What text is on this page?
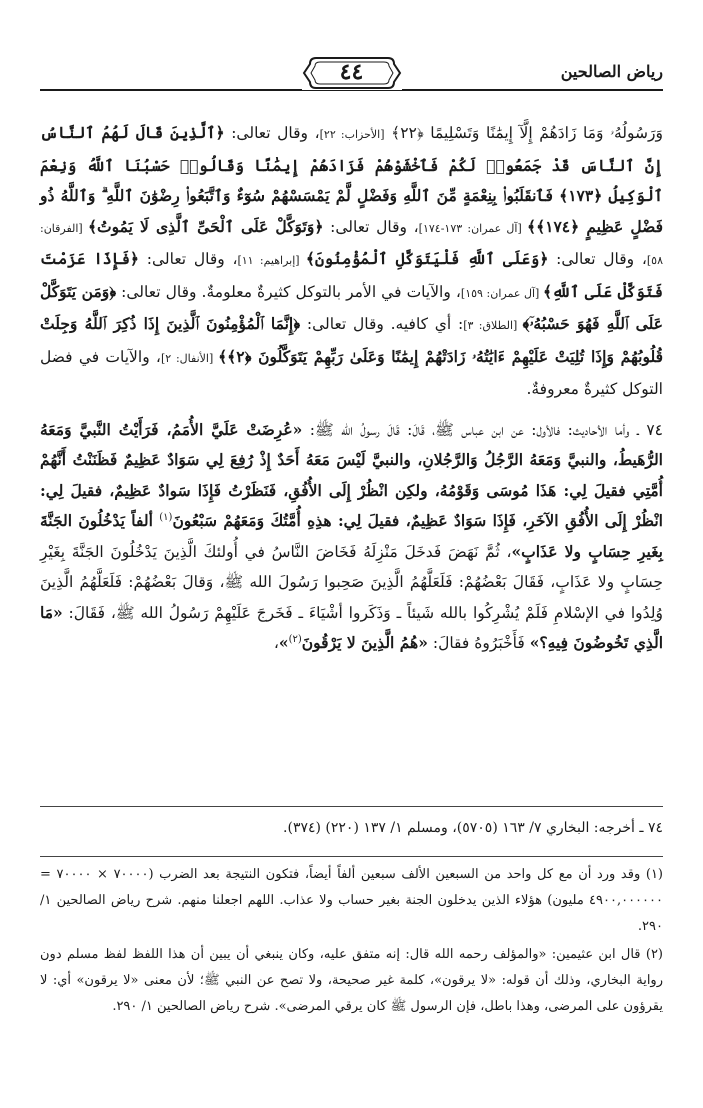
رياض الصالحين
٤٤

وَرَسُولُهُۥ وَمَا زَادَهُمْ إِلَّآ إِيمَٰنًا وَتَسْلِيمًا ﴿٢٢﴾ [الأحزاب: ٢٢]، وقال تعالى: ﴿ٱلَّذِينَ قَالَ لَهُمُ ٱلنَّاسُ إِنَّ ٱلنَّاسَ قَدْ جَمَعُوا۟ لَكُمْ فَٱخْشَوْهُمْ فَزَادَهُمْ إِيمَٰنًا وَقَالُوا۟ حَسْبُنَا ٱللَّهُ وَنِعْمَ ٱلْوَكِيلُ ﴿١٧٣﴾ فَٱنقَلَبُوا۟ بِنِعْمَةٍ مِّنَ ٱللَّهِ وَفَضْلٍ لَّمْ يَمْسَسْهُمْ سُوٓءٌ وَٱتَّبَعُوا۟ رِضْوَٰنَ ٱللَّهِ ۗ وَٱللَّهُ ذُو فَضْلٍ عَظِيمٍ ﴿١٧٤﴾﴾ [آل عمران: ١٧٣-١٧٤]، وقال تعالى: ﴿وَتَوَكَّلْ عَلَى ٱلْحَىِّ ٱلَّذِى لَا يَمُوتُ﴾ [الفرقان: ٥٨]، وقال تعالى: ﴿وَعَلَى ٱللَّهِ فَلْيَتَوَكَّلِ ٱلْمُؤْمِنُونَ﴾ [إبراهيم: ١١]، وقال تعالى: ﴿فَإِذَا عَزَمْتَ فَتَوَكَّلْ عَلَى ٱللَّهِ﴾ [آل عمران: ١٥٩]، والآيات في الأمر بالتوكل كثيرةٌ معلومةٌ. وقال تعالى: ﴿وَمَن يَتَوَكَّلْ عَلَى ٱللَّهِ فَهُوَ حَسْبُهُۥٓ﴾ [الطلاق: ٣]: أي كافيه. وقال تعالى: ﴿إِنَّمَا ٱلْمُؤْمِنُونَ ٱلَّذِينَ إِذَا ذُكِرَ ٱللَّهُ وَجِلَتْ قُلُوبُهُمْ وَإِذَا تُلِيَتْ عَلَيْهِمْ ءَايَٰتُهُۥ زَادَتْهُمْ إِيمَٰنًا وَعَلَىٰ رَبِّهِمْ يَتَوَكَّلُونَ ﴿٢﴾﴾ [الأنفال: ٢]، والآيات في فضل التوكل كثيرةٌ معروفةٌ.

٧٤ ـ وأما الأحاديث: فالأول: عن ابن عباس ﷺ، قَالَ: قَالَ رسولُ الله ﷺ: «عُرِضَتْ عَلَيَّ الأُمَمُ، فَرَأَيْتُ النَّبيَّ وَمَعَهُ الرُّهَيطُ، والنبيَّ وَمَعَهُ الرَّجُلُ وَالرَّجُلانِ، والنبيَّ لَيْسَ مَعَهُ أَحَدٌ إِذْ رُفِعَ لِي سَوَادٌ عَظِيمٌ فَظَنَنْتُ أَنَّهُمْ أُمَّتِي فقيلَ لِي: هَذَا مُوسَى وَقَوْمُهُ، ولكِن انْظُرْ إِلَى الأُفُقِ، فَنَظَرْتُ فَإِذَا سَوادٌ عَظِيمٌ، فقيلَ لِي: انْظُرْ إِلَى الأُفُقِ الآخَرِ، فَإِذَا سَوَادٌ عَظِيمٌ، فقيلَ لِي: هذِهِ أُمَّتُكَ وَمَعَهُمْ سَبْعُونَ$^{(١)}$ ألفاً يَدْخُلُونَ الجَنَّةَ بِغَيرِ حِسَابٍ ولا عَذَابٍ»، ثُمَّ نَهَضَ فَدخَلَ مَنْزِلَهُ فَخَاضَ النَّاسُ في أُولئكَ الَّذِينَ يَدْخُلُونَ الجَنَّةَ بِغَيْرِ حِسَابٍ ولا عَذَابٍ، فَقَالَ بَعْضُهُمْ: فَلَعَلَّهُمُ الَّذِينَ صَحِبوا رَسُولَ الله ﷺ، وَقالَ بَعْضُهُمْ: فَلَعَلَّهُمُ الَّذِينَ وُلِدُوا في الإسْلامِ فَلَمْ يُشْرِكُوا بالله شَيئاً ـ وَذَكَروا أشْيَاءَ ـ فَخَرجَ عَلَيْهِمْ رَسُولُ الله ﷺ، فَقَالَ: «مَا الَّذِي تَخُوضُونَ فِيهِ؟» فَأَخْبَرُوهُ فقالَ: «هُمُ الَّذِينَ لا يَرْقُونَ$^{(٢)}$»،

٧٤ ـ أخرجه: البخاري ٧/ ١٦٣ (٥٧٠٥)، ومسلم ١/ ١٣٧ (٢٢٠) (٣٧٤).

(١) وقد ورد أن مع كل واحد من السبعين الألف سبعين ألفاً أيضاً، فتكون النتيجة بعد الضرب (٧٠٠٠٠ × ٧٠٠٠٠ = ٤٩٠٠,٠٠٠٠٠٠ مليون) هؤلاء الذين يدخلون الجنة بغير حساب ولا عذاب. اللهم اجعلنا منهم. شرح رياض الصالحين ١/ ٢٩٠.

(٢) قال ابن عثيمين: «والمؤلف رحمه الله قال: إنه متفق عليه، وكان ينبغي أن يبين أن هذا اللفظ لفظ مسلم دون رواية البخاري، وذلك أن قوله: «لا يرقون»، كلمة غير صحيحة، ولا تصح عن النبي ﷺ؛ لأن معنى «لا يرقون» أي: لا يقرؤون على المرضى، وهذا باطل، فإن الرسول ﷺ كان يرقي المرضى». شرح رياض الصالحين ١/ ٢٩٠.
